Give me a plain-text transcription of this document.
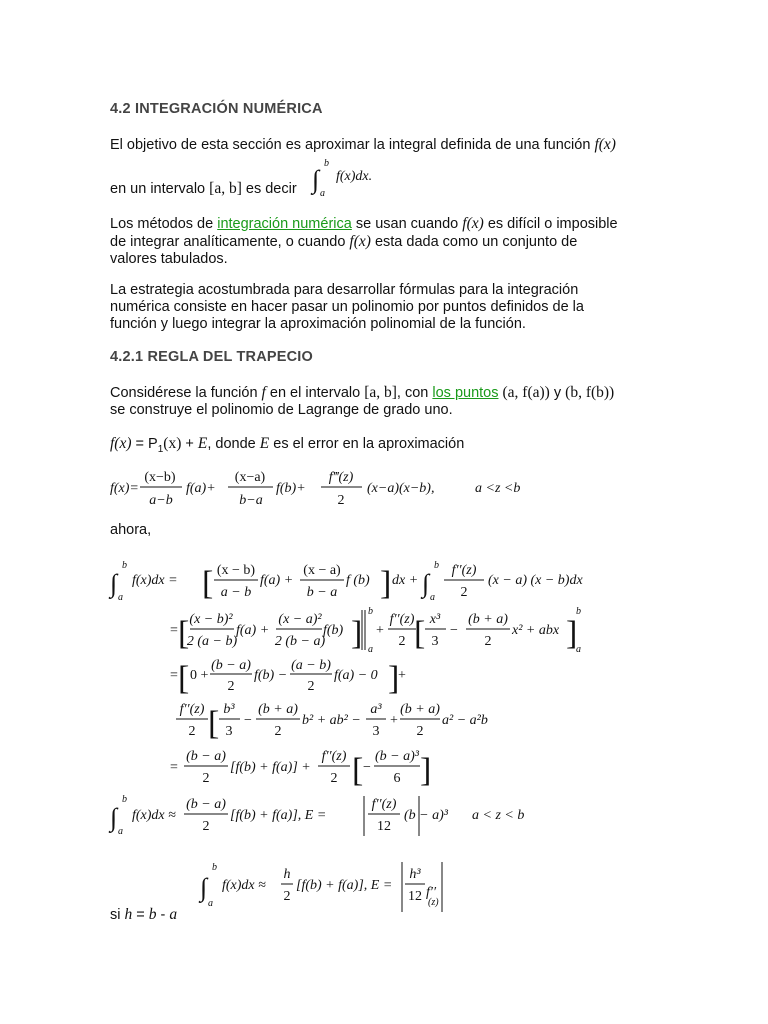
4.2 INTEGRACIÓN NUMÉRICA

El objetivo de esta sección es aproximar la integral definida de una función f(x)

en un intervalo [a, b] es decir ∫
b
a
f(x)dx.

Los métodos de integración numérica se usan cuando f(x) es difícil o imposible
de integrar analíticamente, o cuando f(x) esta dada como un conjunto de
valores tabulados.

La estrategia acostumbrada para desarrollar fórmulas para la integración
numérica consiste en hacer pasar un polinomio por puntos definidos de la
función y luego integrar la aproximación polinomial de la función.

4.2.1 REGLA DEL TRAPECIO

Considérese la función f en el intervalo [a, b], con los puntos (a, f(a)) y (b, f(b))
se construye el polinomio de Lagrange de grado uno.

$f(x) = P_1(x) + E$, donde E es el error en la aproximación

f(x)=
(x−b)
a−b
f(a)+
(x−a)
b−a
f(b)+
f‴(z)
2
(x−a)(x−b),	a <z <b

ahora,

∫
b
a
f(x)dx = [ (x − b)
a − b
f(a) +
(x − a)
b − a
f (b) ] dx + ∫
b
a
f′′(z)
2
(x − a) (x − b)dx
= [ (x − b)²
2 (a − b)
f(a) +
(x − a)²
2 (b − a)
f(b) ]
b
a
+
f′′(z)
2 [ x³
3
−
(b + a)
2
x² + abx ]
b
a
= [ 0 +
(b − a)
2
f(b) −
(a − b)
2
f(a) − 0 ]
+
f′′(z)
2 [ b³
3
−
(b + a)
2
b² + ab² −
a³
3
+
(b + a)
2
a² − a²b
=
(b − a)
2
[f(b) + f(a)] +
f′′(z)
2 [ −
(b − a)³
6 ]
∫
b
a
f(x)dx ≈
(b − a)
2
[f(b) + f(a)], E =
f′′(z)
12
(b − a)³ a < z < b
∫
b
a
f(x)dx ≈
h
2
[f(b) + f(a)], E =
h³
12 f′′
(z)

si h = b - a
